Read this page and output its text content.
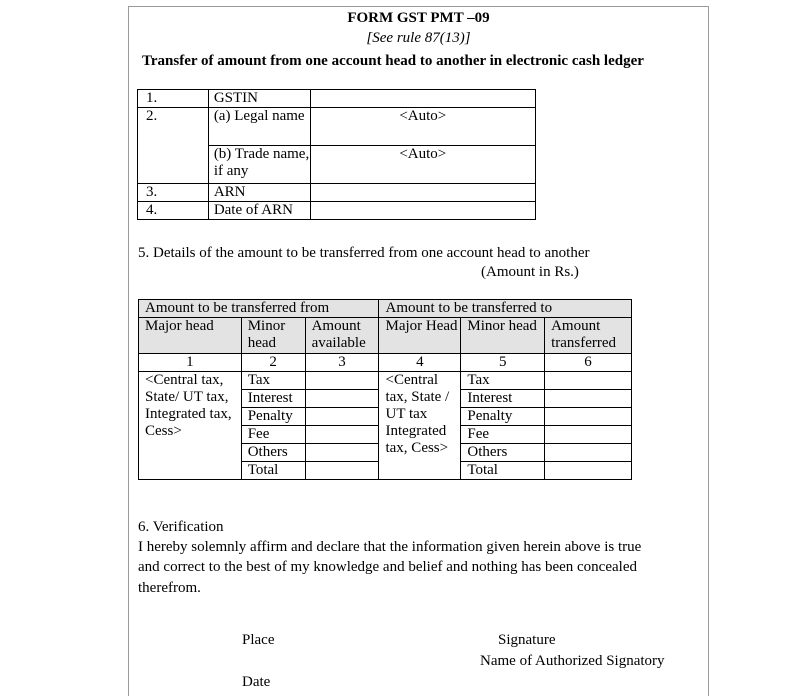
FORM GST PMT –09
[See rule 87(13)]
Transfer of amount from one account head to another in electronic cash ledger
1.	GSTIN	
2.	(a) Legal name	<Auto>
	(b) Trade name, if any	<Auto>
3.	ARN	
4.	Date of ARN	
5. Details of the amount to be transferred from one account head to another
(Amount in Rs.)
Amount to be transferred from			Amount to be transferred to		
Major head	Minor head	Amount available	Major Head	Minor head	Amount transferred
1	2	3	4	5	6
<Central tax, State/ UT tax, Integrated tax, Cess>	Tax		<Central tax, State / UT tax Integrated tax, Cess>	Tax	
	Interest			Interest	
	Penalty			Penalty	
	Fee			Fee	
	Others			Others	
	Total			Total	
6. Verification
I hereby solemnly affirm and declare that the information given herein above is true
and correct to the best of my knowledge and belief and nothing has been concealed
therefrom.
Place	Signature
Name of Authorized Signatory
Date
